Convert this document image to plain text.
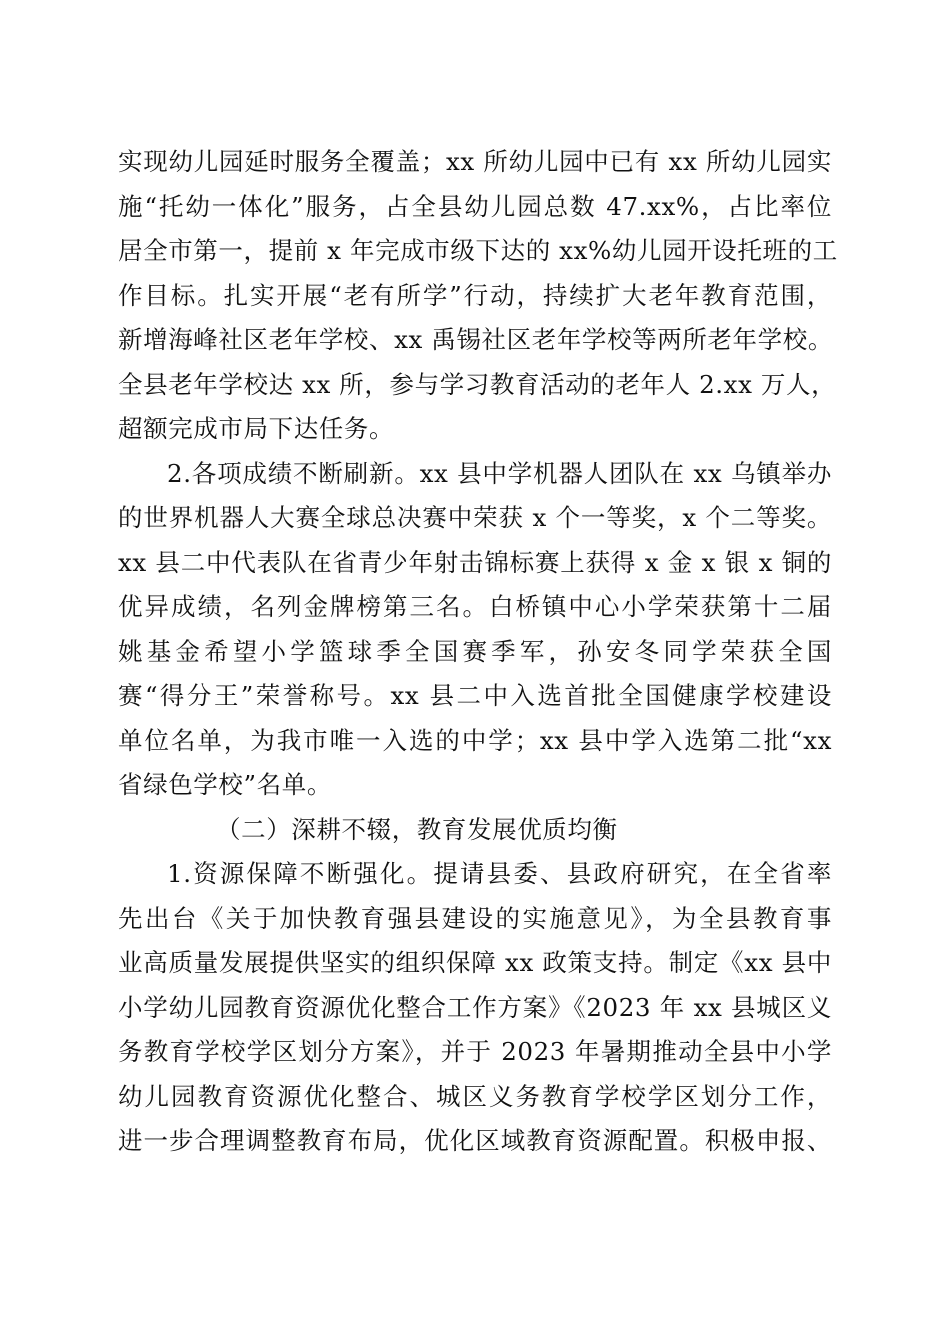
实现幼儿园延时服务全覆盖；xx 所幼儿园中已有 xx 所幼儿园实
施“托幼一体化”服务，占全县幼儿园总数 47.xx%，占比率位
居全市第一，提前 x 年完成市级下达的 xx%幼儿园开设托班的工
作目标。扎实开展“老有所学”行动，持续扩大老年教育范围，
新增海峰社区老年学校、xx 禹锡社区老年学校等两所老年学校。
全县老年学校达 xx 所，参与学习教育活动的老年人 2.xx 万人，
超额完成市局下达任务。
2.各项成绩不断刷新。xx 县中学机器人团队在 xx 乌镇举办
的世界机器人大赛全球总决赛中荣获 x 个一等奖，x 个二等奖。
xx 县二中代表队在省青少年射击锦标赛上获得 x 金 x 银 x 铜的
优异成绩，名列金牌榜第三名。白桥镇中心小学荣获第十二届
姚基金希望小学篮球季全国赛季军，孙安冬同学荣获全国
赛“得分王”荣誉称号。xx 县二中入选首批全国健康学校建设
单位名单，为我市唯一入选的中学；xx 县中学入选第二批“xx
省绿色学校”名单。
（二）深耕不辍，教育发展优质均衡
1.资源保障不断强化。提请县委、县政府研究，在全省率
先出台《关于加快教育强县建设的实施意见》，为全县教育事
业高质量发展提供坚实的组织保障 xx 政策支持。制定《xx 县中
小学幼儿园教育资源优化整合工作方案》《2023 年 xx 县城区义
务教育学校学区划分方案》，并于 2023 年暑期推动全县中小学
幼儿园教育资源优化整合、城区义务教育学校学区划分工作，
进一步合理调整教育布局，优化区域教育资源配置。积极申报、
